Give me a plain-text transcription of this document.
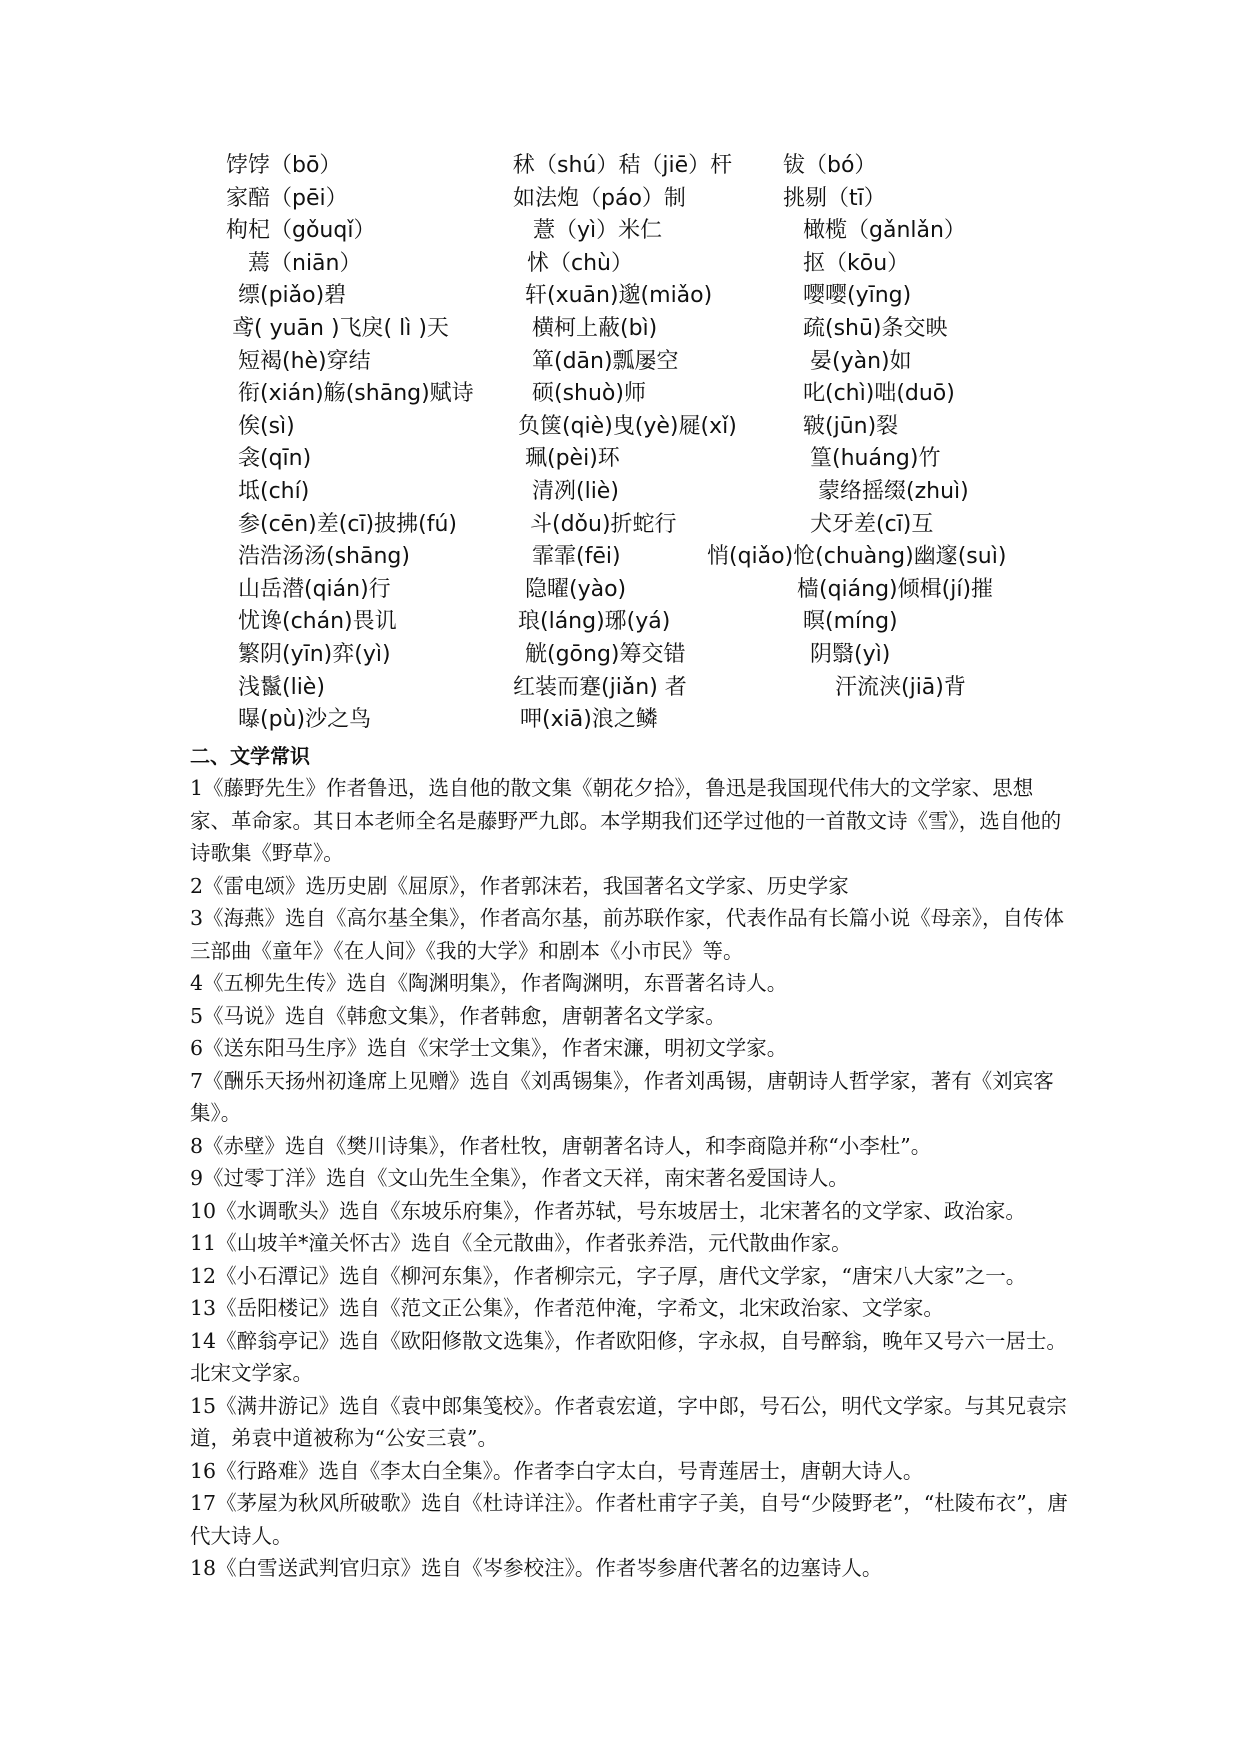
饽饽（bō）	秫（shú）秸（jiē）杆 钹（bó）
家醅（pēi）	如法炮（páo）制	挑剔（tī）
枸杞（gǒuqǐ）	薏（yì）米仁	橄榄（gǎnlǎn）
蔫（niān）	怵（chù）	抠（kōu）
缥(piǎo)碧	轩(xuān)邈(miǎo)	嘤嘤(yīng)
鸢( yuān )飞戾( lì )天	横柯上蔽(bì)	疏(shū)条交映
短褐(hè)穿结	箪(dān)瓢屡空	晏(yàn)如
衔(xián)觞(shāng)赋诗	硕(shuò)师	叱(chì)咄(duō)
俟(sì)	负箧(qiè)曳(yè)屣(xǐ)	皲(jūn)裂
衾(qīn)	珮(pèi)环	篁(huáng)竹
坻(chí)	清冽(liè)	蒙络摇缀(zhuì)
参(cēn)差(cī)披拂(fú)	斗(dǒu)折蛇行	犬牙差(cī)互
浩浩汤汤(shāng)	霏霏(fēi)	悄(qiǎo)怆(chuàng)幽邃(suì)
山岳潜(qián)行	隐曜(yào)	樯(qiáng)倾楫(jí)摧
忧谗(chán)畏讥	琅(láng)琊(yá)	暝(míng)
繁阴(yīn)弈(yì)	觥(gōng)筹交错	阴翳(yì)
浅鬣(liè)	红装而蹇(jiǎn) 者	汗流浃(jiā)背
曝(pù)沙之鸟	呷(xiā)浪之鳞
二、文学常识

1《藤野先生》作者鲁迅，选自他的散文集《朝花夕拾》，鲁迅是我国现代伟大的文学家、思想家、革命家。其日本老师全名是藤野严九郎。本学期我们还学过他的一首散文诗《雪》，选自他的诗歌集《野草》。

2《雷电颂》选历史剧《屈原》，作者郭沫若，我国著名文学家、历史学家

3《海燕》选自《高尔基全集》，作者高尔基，前苏联作家，代表作品有长篇小说《母亲》，自传体三部曲《童年》《在人间》《我的大学》和剧本《小市民》等。

4《五柳先生传》选自《陶渊明集》，作者陶渊明，东晋著名诗人。

5《马说》选自《韩愈文集》，作者韩愈，唐朝著名文学家。

6《送东阳马生序》选自《宋学士文集》，作者宋濂，明初文学家。

7《酬乐天扬州初逢席上见赠》选自《刘禹锡集》，作者刘禹锡，唐朝诗人哲学家，著有《刘宾客集》。

8《赤壁》选自《樊川诗集》，作者杜牧，唐朝著名诗人，和李商隐并称“小李杜”。

9《过零丁洋》选自《文山先生全集》，作者文天祥，南宋著名爱国诗人。

10《水调歌头》选自《东坡乐府集》，作者苏轼，号东坡居士，北宋著名的文学家、政治家。

11《山坡羊*潼关怀古》选自《全元散曲》，作者张养浩，元代散曲作家。

12《小石潭记》选自《柳河东集》，作者柳宗元，字子厚，唐代文学家，“唐宋八大家”之一。

13《岳阳楼记》选自《范文正公集》，作者范仲淹，字希文，北宋政治家、文学家。

14《醉翁亭记》选自《欧阳修散文选集》，作者欧阳修，字永叔，自号醉翁，晚年又号六一居士。北宋文学家。

15《满井游记》选自《袁中郎集笺校》。作者袁宏道，字中郎，号石公，明代文学家。与其兄袁宗道，弟袁中道被称为“公安三袁”。

16《行路难》选自《李太白全集》。作者李白字太白，号青莲居士，唐朝大诗人。

17《茅屋为秋风所破歌》选自《杜诗详注》。作者杜甫字子美，自号“少陵野老”，“杜陵布衣”，唐代大诗人。

18《白雪送武判官归京》选自《岑参校注》。作者岑参唐代著名的边塞诗人。
